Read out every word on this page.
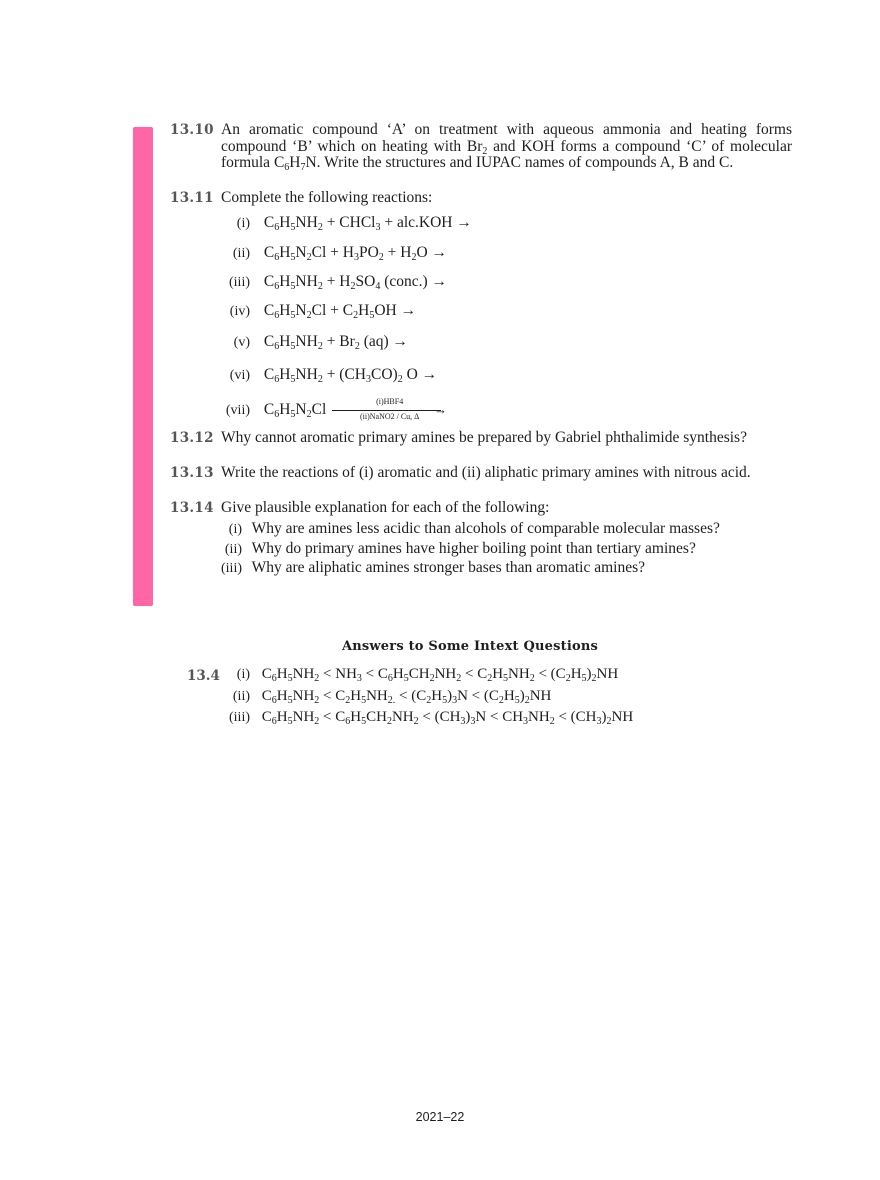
13.10 An aromatic compound ‘A’ on treatment with aqueous ammonia and heating forms compound ‘B’ which on heating with $Br_2$ and KOH forms a compound ‘C’ of molecular formula $C_6H_7N$. Write the structures and IUPAC names of compounds A, B and C.
13.11 Complete the following reactions:
(i) $C_6H_5NH_2$ + CHCl$_3$ + alc.KOH →
(ii) $C_6H_5N_2Cl + H_3PO_2 + H_2O$ →
(iii) $C_6H_5NH_2 + H_2SO_4$ (conc.) →
(iv) $C_6H_5N_2Cl + C_2H_5OH$ →
(v) $C_6H_5NH_2 + Br_2$ (aq) →
(vi) $C_6H_5NH_2 + (CH_3CO)_2$ O →
(vii) $C_6H_5N_2Cl$	(i)HBF4
→
(ii)NaNO2 / Cu, Δ
13.12 Why cannot aromatic primary amines be prepared by Gabriel phthalimide synthesis?
13.13 Write the reactions of (i) aromatic and (ii) aliphatic primary amines with nitrous acid.
13.14 Give plausible explanation for each of the following:
(i) Why are amines less acidic than alcohols of comparable molecular masses?
(ii) Why do primary amines have higher boiling point than tertiary amines?
(iii) Why are aliphatic amines stronger bases than aromatic amines?
Answers to Some Intext Questions
13.4	(i) $C_6H_5NH_2 < NH_3 < C_6H_5CH_2NH_2 < C_2H_5NH_2 < (C_2H_5)_2NH$
(ii) $C_6H_5NH_2 < C_2H_5NH_{2.} < (C_2H_5)_3N < (C_2H_5)_2NH$
(iii) $C_6H_5NH_2 < C_6H_5CH_2NH_2 < (CH_3)_3N < CH_3NH_2 < (CH_3)_2NH$
2021–22
